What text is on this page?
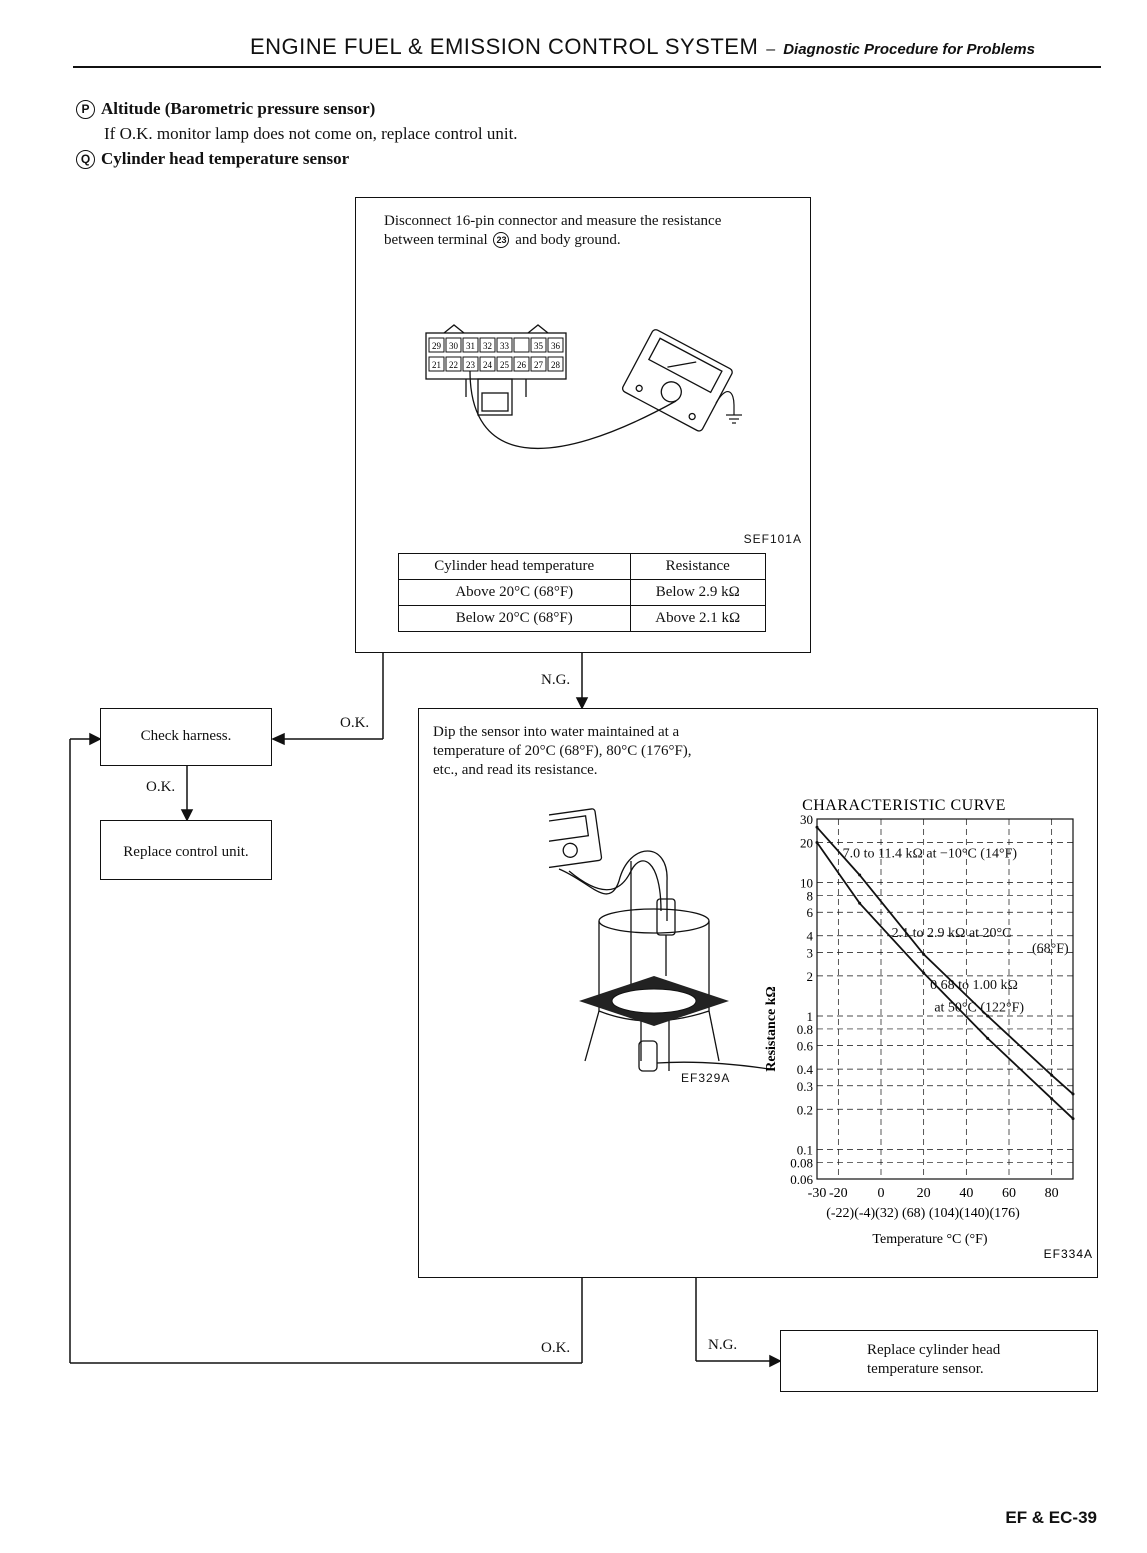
ENGINE FUEL & EMISSION CONTROL SYSTEM – Diagnostic Procedure for Problems
P Altitude (Barometric pressure sensor)
If O.K. monitor lamp does not come on, replace control unit.
Q Cylinder head temperature sensor
Disconnect 16-pin connector and measure the resistance
between terminal 23 and body ground.
29 30 31 32 33	35 36
21 22 23 24 25 26 27 28
SEF101A
Cylinder head temperature	Resistance
Above 20°C (68°F)	Below 2.9 kΩ
Below 20°C (68°F)	Above 2.1 kΩ
N.G.
O.K.
O.K.
O.K.	N.G.
Check harness.
Replace control unit.
Dip the sensor into water maintained at a
temperature of 20°C (68°F), 80°C (176°F),
etc., and read its resistance.
EF329A
CHARACTERISTIC CURVE
Resistance kΩ
(-22)(-4)(32) (68) (104)(140)(176)
Temperature °C (°F)
EF334A
-30 -20 0 20 40 60 80
30
20
10
8
6
4
3
2
1
0.8
0.6
0.4
0.3
0.2
0.1
0.08
0.06
7.0 to 11.4 kΩ at −10°C (14°F)
2.1 to 2.9 kΩ at 20°C
(68°F)
0.68 to 1.00 kΩ
at 50°C (122°F)
Replace cylinder head
temperature sensor.
EF & EC-39
